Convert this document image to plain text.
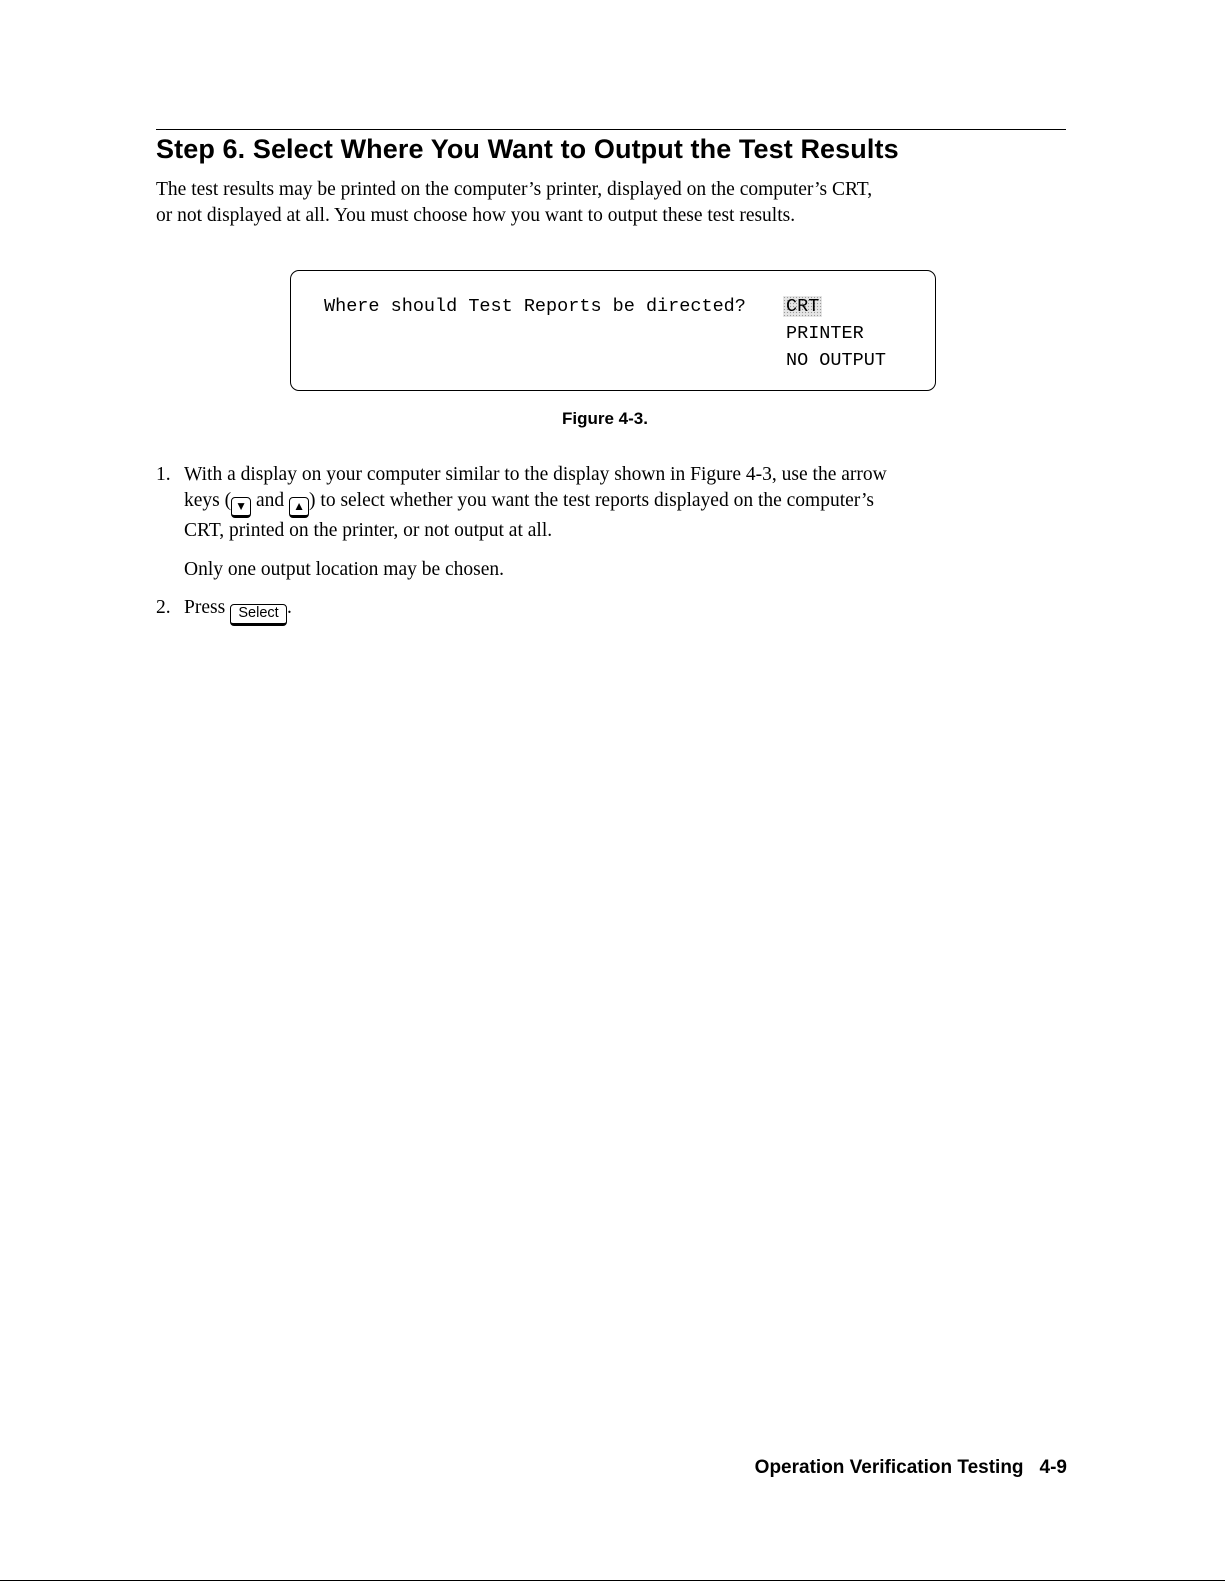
Step 6. Select Where You Want to Output the Test Results

The test results may be printed on the computer’s printer, displayed on the computer’s CRT,
or not displayed at all. You must choose how you want to output these test results.

Where should Test Reports be directed? CRT
PRINTER
NO OUTPUT
Figure 4-3.
1. With a display on your computer similar to the display shown in Figure 4-3, use the arrow
keys ( ▼ and ▲ ) to select whether you want the test reports displayed on the computer’s
CRT, printed on the printer, or not output at all.
Only one output location may be chosen.
2. Press Select .
Operation Verification Testing 4-9
